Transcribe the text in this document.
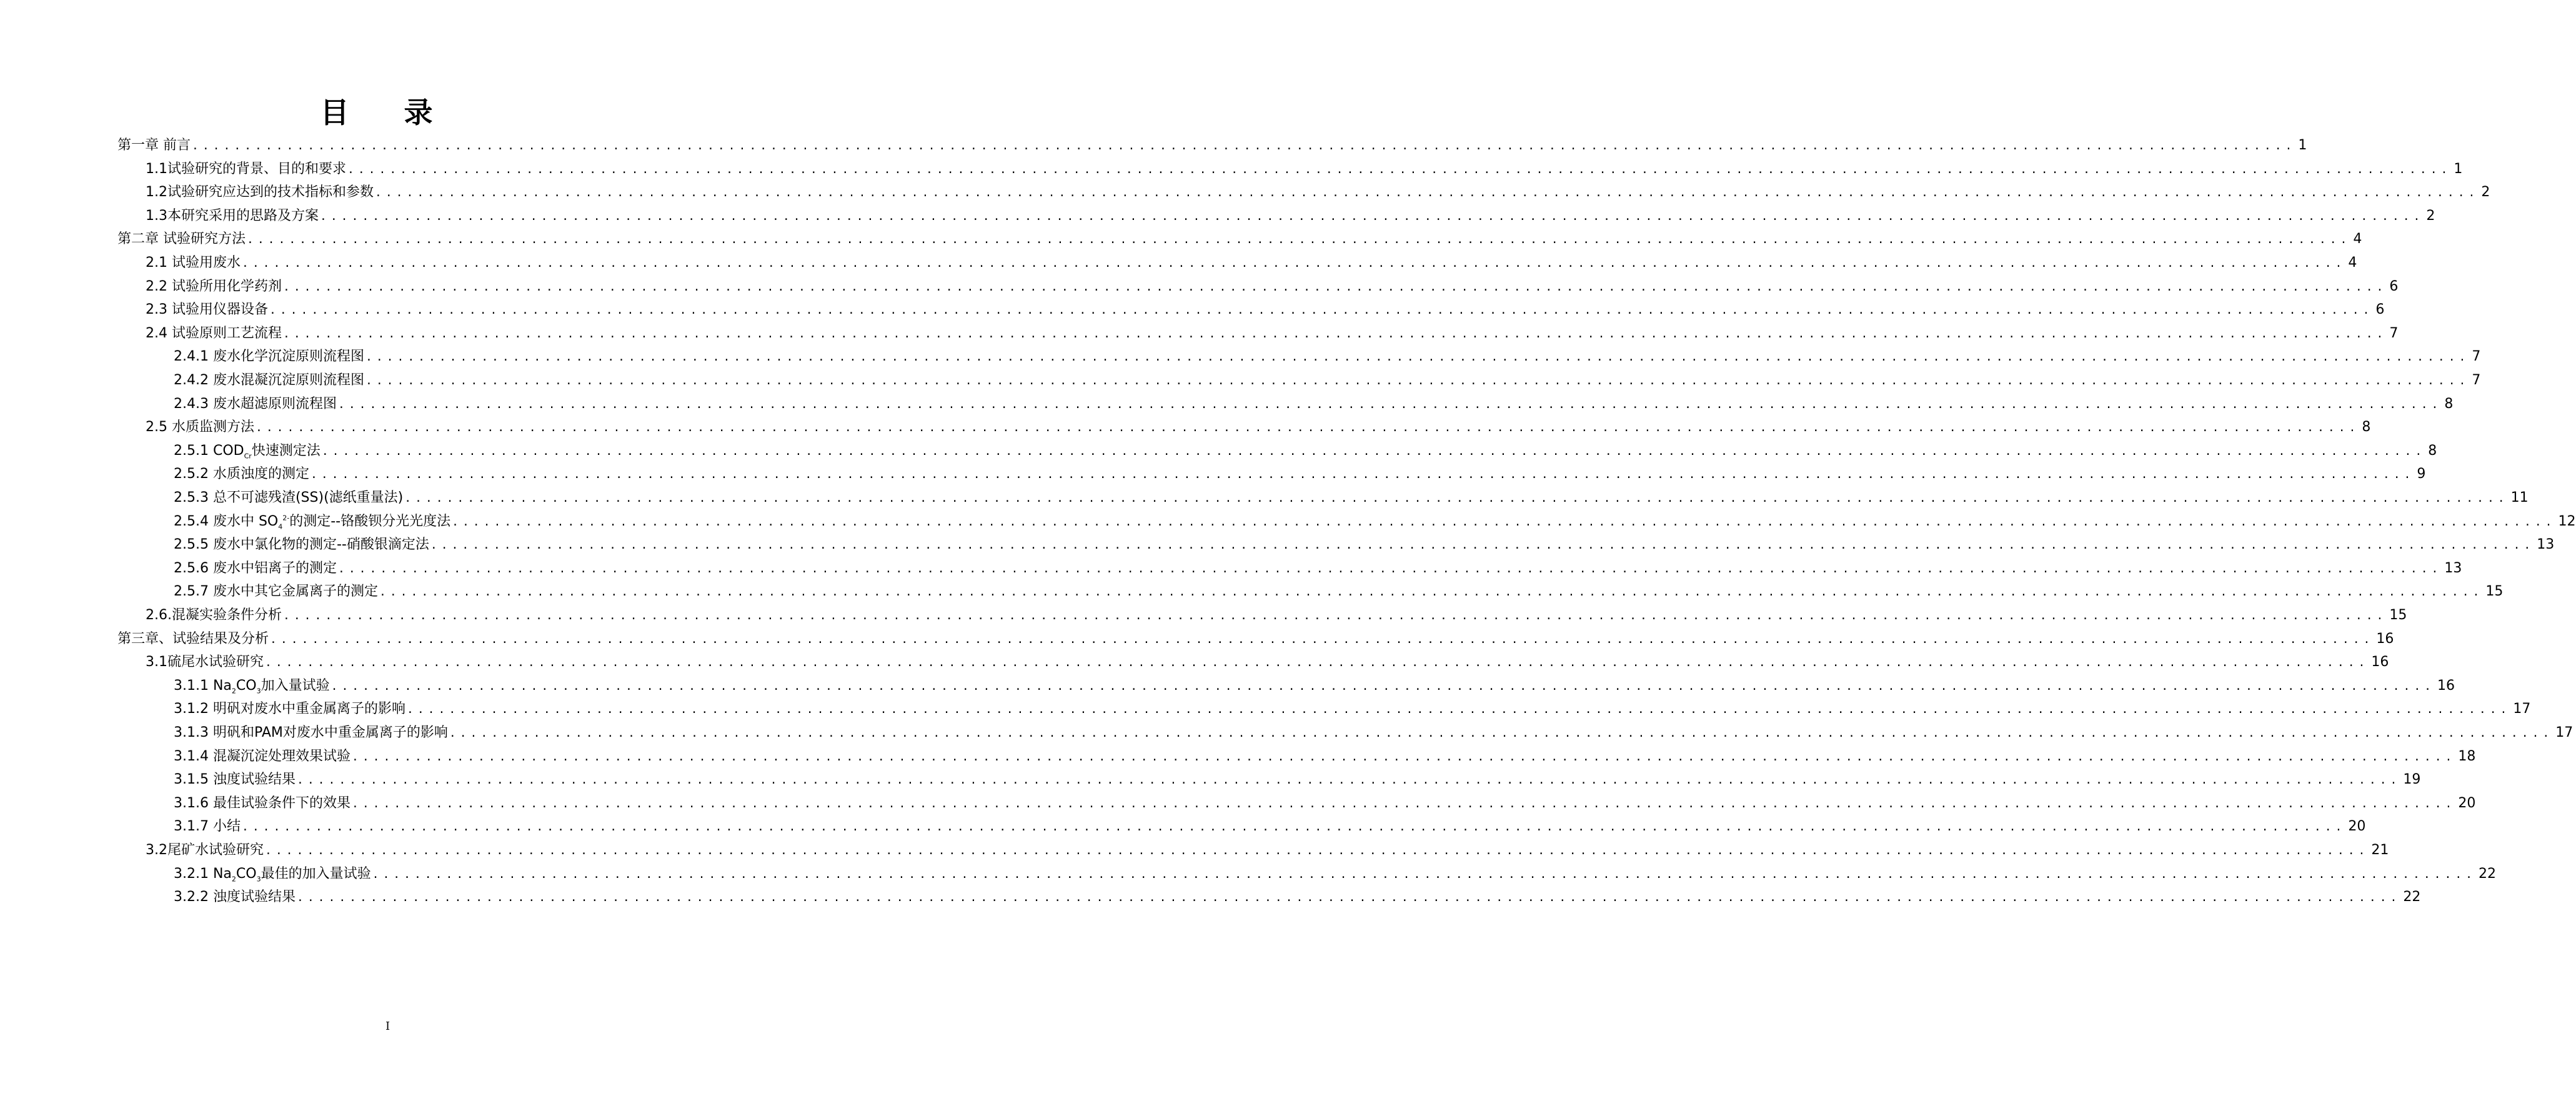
目 录
第一章 前言 ........................................................................................................................................................................................................ 1
1.1试验研究的背景、目的和要求 ........................................................................................................................................................................................................ 1
1.2试验研究应达到的技术指标和参数 ........................................................................................................................................................................................................ 2
1.3本研究采用的思路及方案 ........................................................................................................................................................................................................ 2
第二章 试验研究方法 ........................................................................................................................................................................................................ 4
2.1 试验用废水 ........................................................................................................................................................................................................ 4
2.2 试验所用化学药剂 ........................................................................................................................................................................................................ 6
2.3 试验用仪器设备 ........................................................................................................................................................................................................ 6
2.4 试验原则工艺流程 ........................................................................................................................................................................................................ 7
2.4.1 废水化学沉淀原则流程图 ........................................................................................................................................................................................................ 7
2.4.2 废水混凝沉淀原则流程图 ........................................................................................................................................................................................................ 7
2.4.3 废水超滤原则流程图 ........................................................................................................................................................................................................ 8
2.5 水质监测方法 ........................................................................................................................................................................................................ 8
2.5.1 $COD_{Cr}$快速测定法 ........................................................................................................................................................................................................ 8
2.5.2 水质浊度的测定 ........................................................................................................................................................................................................ 9
2.5.3 总不可滤残渣(SS)(滤纸重量法) ........................................................................................................................................................................................................ 11
2.5.4 废水中 $SO_4^{2-}$的测定--铬酸钡分光光度法 ........................................................................................................................................................................................................ 12
2.5.5 废水中氯化物的测定--硝酸银滴定法 ........................................................................................................................................................................................................ 13
2.5.6 废水中铝离子的测定 ........................................................................................................................................................................................................ 13
2.5.7 废水中其它金属离子的测定 ........................................................................................................................................................................................................ 15
2.6.混凝实验条件分析 ........................................................................................................................................................................................................ 15
第三章、试验结果及分析 ........................................................................................................................................................................................................ 16
3.1硫尾水试验研究 ........................................................................................................................................................................................................ 16
3.1.1 $Na_2CO_3$加入量试验 ........................................................................................................................................................................................................ 16
3.1.2 明矾对废水中重金属离子的影响 ........................................................................................................................................................................................................ 17
3.1.3 明矾和PAM对废水中重金属离子的影响 ........................................................................................................................................................................................................ 17
3.1.4 混凝沉淀处理效果试验 ........................................................................................................................................................................................................ 18
3.1.5 浊度试验结果 ........................................................................................................................................................................................................ 19
3.1.6 最佳试验条件下的效果 ........................................................................................................................................................................................................ 20
3.1.7 小结 ........................................................................................................................................................................................................ 20
3.2尾矿水试验研究 ........................................................................................................................................................................................................ 21
3.2.1 $Na_2CO_3$最佳的加入量试验 ........................................................................................................................................................................................................ 22
3.2.2 浊度试验结果 ........................................................................................................................................................................................................ 22
I
